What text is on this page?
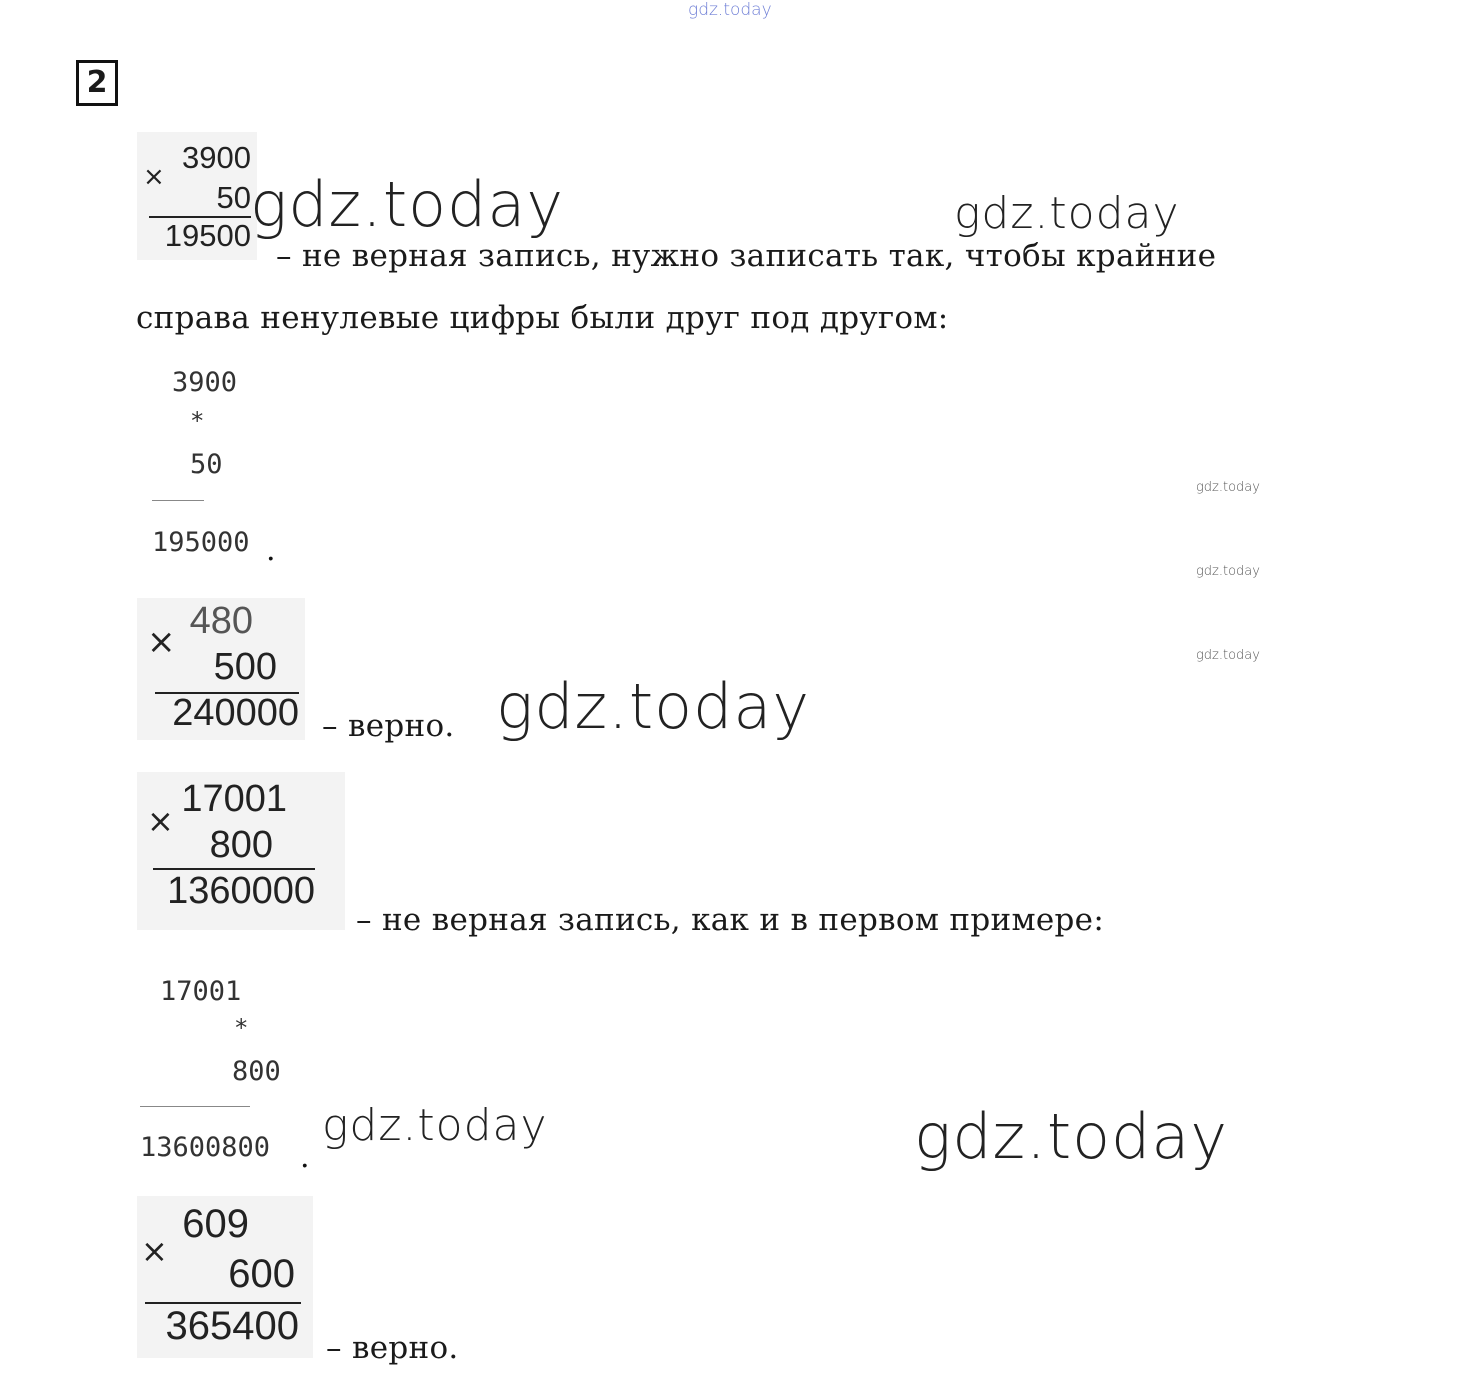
gdz.today
2
×
3900
50
19500 gdz.today	gdz.today
– не верная запись, нужно записать так, чтобы крайние
справа ненулевые цифры были друг под другом:
3900
*
50
195000 .
gdz.today
gdz.today
gdz.today
× 480
500
240000 – верно. gdz.today
×
17001
800
1360000
– не верная запись, как и в первом примере:
17001
*
800
13600800 .
gdz.today	gdz.today
×
609
600
365400 – верно.
